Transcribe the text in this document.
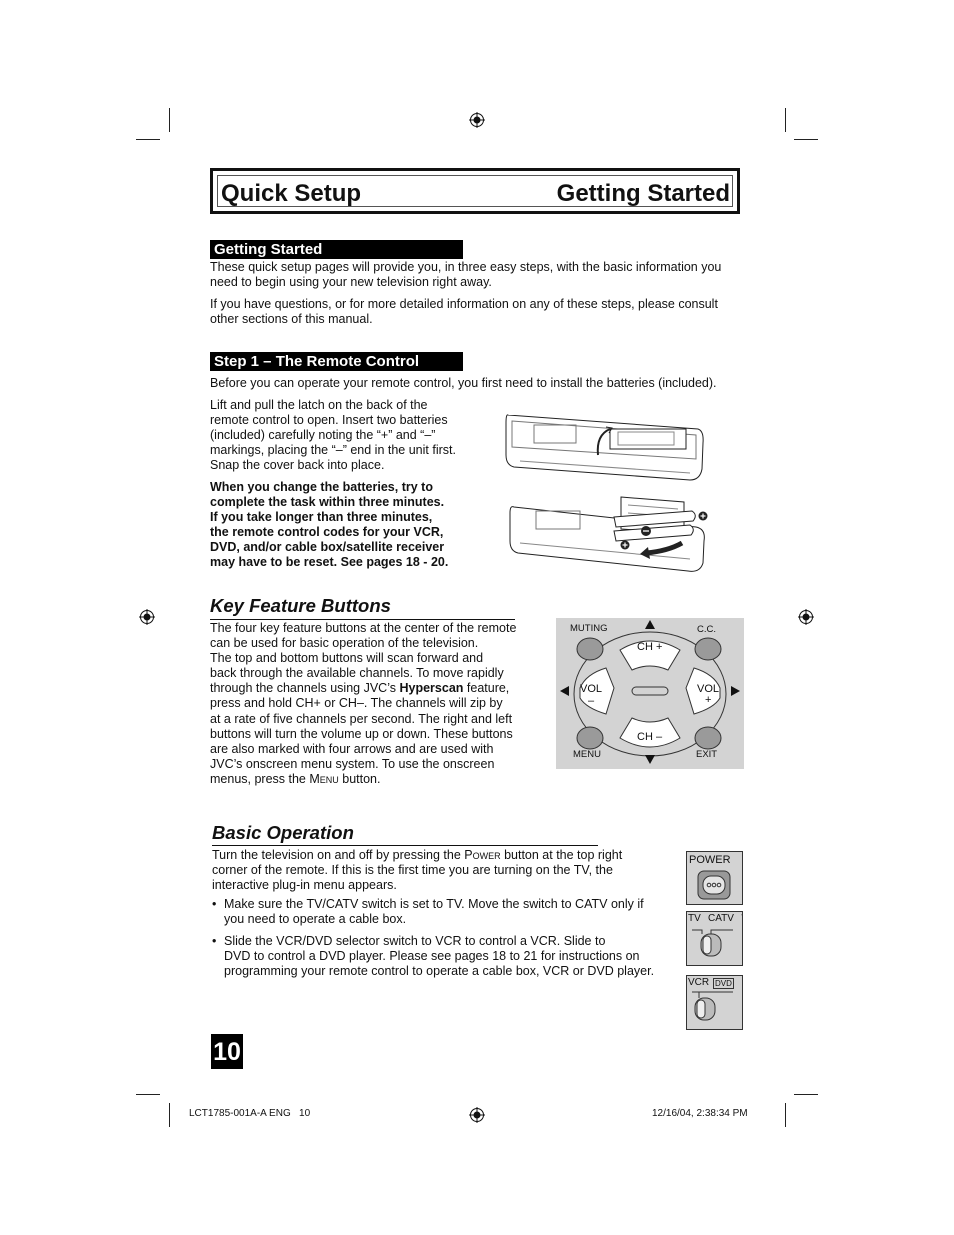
Quick Setup	Getting Started
Getting Started
These quick setup pages will provide you, in three easy steps, with the basic information you
need to begin using your new television right away.
If you have questions, or for more detailed information on any of these steps, please consult
other sections of this manual.
Step 1 – The Remote Control
Before you can operate your remote control, you first need to install the batteries (included).
Lift and pull the latch on the back of the
remote control to open. Insert two batteries
(included) carefully noting the “+” and “–”
markings, placing the “–” end in the unit first.
Snap the cover back into place.
When you change the batteries, try to
complete the task within three minutes.
If you take longer than three minutes,
the remote control codes for your VCR,
DVD, and/or cable box/satellite receiver
may have to be reset. See pages 18 - 20.
Key Feature Buttons
The four key feature buttons at the center of the remote
can be used for basic operation of the television.
The top and bottom buttons will scan forward and
back through the available channels. To move rapidly
through the channels using JVC’s Hyperscan feature,
press and hold CH+ or CH–. The channels will zip by
at a rate of five channels per second. The right and left
buttons will turn the volume up or down. These buttons
are also marked with four arrows and are used with
JVC’s onscreen menu system. To use the onscreen
menus, press the Menu button.
MUTING	C.C.
CH +
CH –
VOL
–
VOL
+
MENU	EXIT
Basic Operation
Turn the television on and off by pressing the Power button at the top right
corner of the remote. If this is the first time you are turning on the TV, the
interactive plug-in menu appears.
• Make sure the TV/CATV switch is set to TV. Move the switch to CATV only if
you need to operate a cable box.
• Slide the VCR/DVD selector switch to VCR to control a VCR. Slide to
DVD to control a DVD player. Please see pages 18 to 21 for instructions on
programming your remote control to operate a cable box, VCR or DVD player.
POWER
TV CATV
VCR DVD
10
LCT1785-001A-A ENG   10	12/16/04, 2:38:34 PM
